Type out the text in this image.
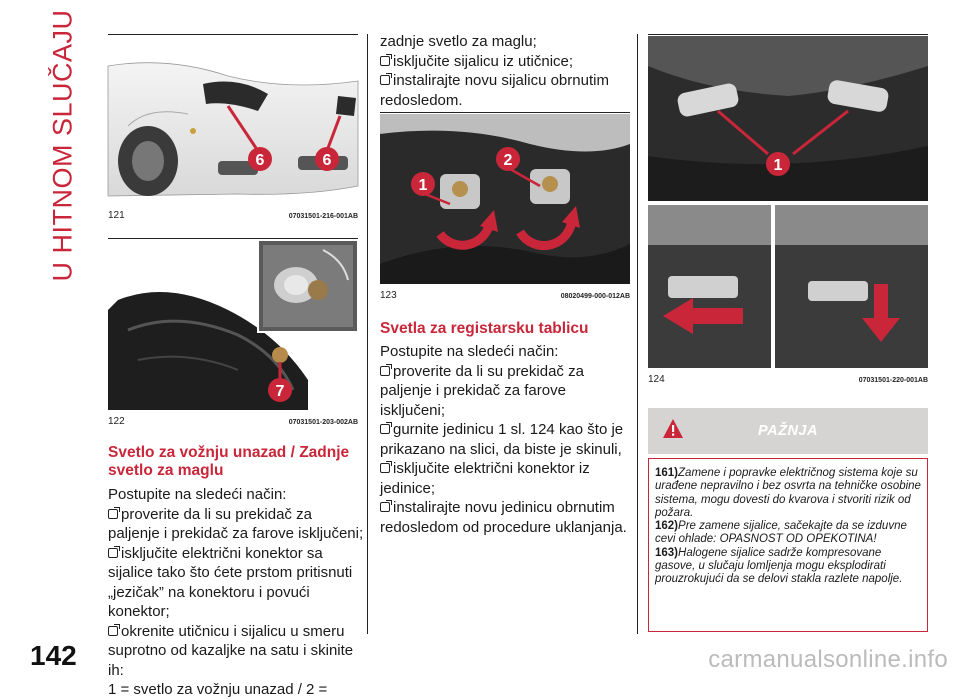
U HITNOM SLUČAJU
142	carmanualsonline.info
6	6
121	07031501-216-001AB
7
122	07031501-203-002AB
Svetlo za vožnju unazad / Zadnje svetlo za maglu
Postupite na sledeći način:
proverite da li su prekidač za paljenje i prekidač za farove isključeni;
isključite električni konektor sa sijalice tako što ćete prstom pritisnuti „jezičak” na konektoru i povući konektor;
okrenite utičnicu i sijalicu u smeru suprotno od kazaljke na satu i skinite ih:
1 = svetlo za vožnju unazad / 2 =
zadnje svetlo za maglu;
isključite sijalicu iz utičnice;
instalirajte novu sijalicu obrnutim redosledom.
1
2
123	08020499-000-012AB
Svetla za registarsku tablicu
Postupite na sledeći način:
proverite da li su prekidač za paljenje i prekidač za farove isključeni;
gurnite jedinicu 1 sl. 124 kao što je prikazano na slici, da biste je skinuli,
isključite električni konektor iz jedinice;
instalirajte novu jedinicu obrnutim redosledom od procedure uklanjanja.
1
124	07031501-220-001AB
PAŽNJA
161)Zamene i popravke električnog sistema koje su urađene nepravilno i bez osvrta na tehničke osobine sistema, mogu dovesti do kvarova i stvoriti rizik od požara.
162)Pre zamene sijalice, sačekajte da se izduvne cevi ohlade: OPASNOST OD OPEKOTINA!
163)Halogene sijalice sadrže kompresovane gasove, u slučaju lomljenja mogu eksplodirati prouzrokujući da se delovi stakla razlete napolje.
